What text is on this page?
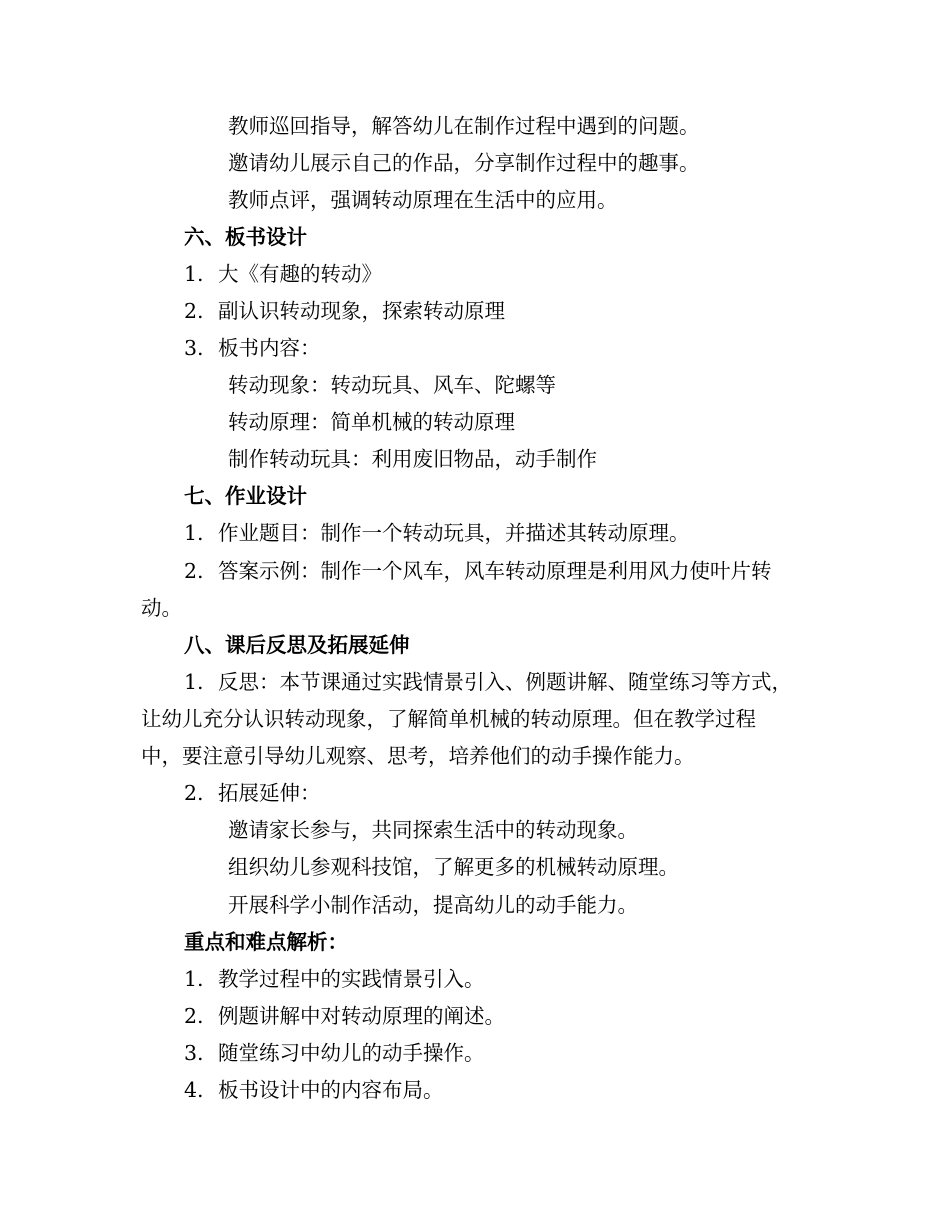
教师巡回指导，解答幼儿在制作过程中遇到的问题。
邀请幼儿展示自己的作品，分享制作过程中的趣事。
教师点评，强调转动原理在生活中的应用。
六、板书设计
1. 大《有趣的转动》
2. 副认识转动现象，探索转动原理
3. 板书内容：
转动现象：转动玩具、风车、陀螺等
转动原理：简单机械的转动原理
制作转动玩具：利用废旧物品，动手制作
七、作业设计
1. 作业题目：制作一个转动玩具，并描述其转动原理。
2. 答案示例：制作一个风车，风车转动原理是利用风力使叶片转
动。
八、课后反思及拓展延伸
1. 反思：本节课通过实践情景引入、例题讲解、随堂练习等方式，
让幼儿充分认识转动现象，了解简单机械的转动原理。但在教学过程
中，要注意引导幼儿观察、思考，培养他们的动手操作能力。
2. 拓展延伸：
邀请家长参与，共同探索生活中的转动现象。
组织幼儿参观科技馆，了解更多的机械转动原理。
开展科学小制作活动，提高幼儿的动手能力。
重点和难点解析：
1. 教学过程中的实践情景引入。
2. 例题讲解中对转动原理的阐述。
3. 随堂练习中幼儿的动手操作。
4. 板书设计中的内容布局。
